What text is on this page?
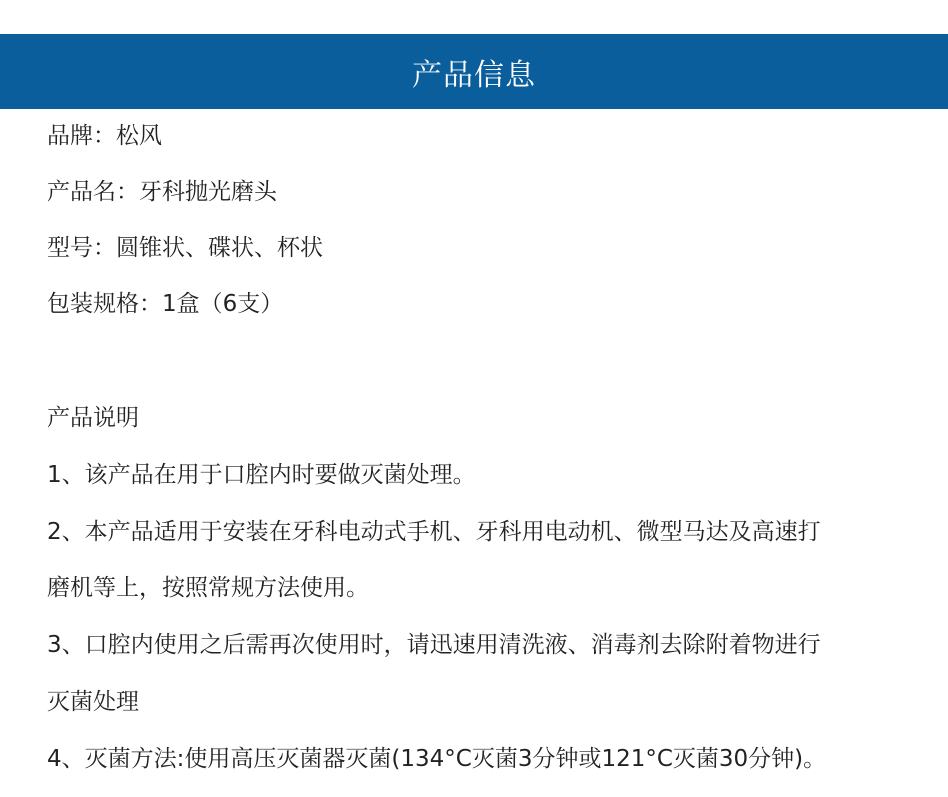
产品信息
品牌：松风
产品名：牙科抛光磨头
型号：圆锥状、碟状、杯状
包装规格：1盒（6支）
产品说明
1、该产品在用于口腔内时要做灭菌处理。
2、本产品适用于安装在牙科电动式手机、牙科用电动机、微型马达及高速打
磨机等上，按照常规方法使用。
3、口腔内使用之后需再次使用时，请迅速用清洗液、消毒剂去除附着物进行
灭菌处理
4、灭菌方法:使用高压灭菌器灭菌(134°C灭菌3分钟或121°C灭菌30分钟)。
